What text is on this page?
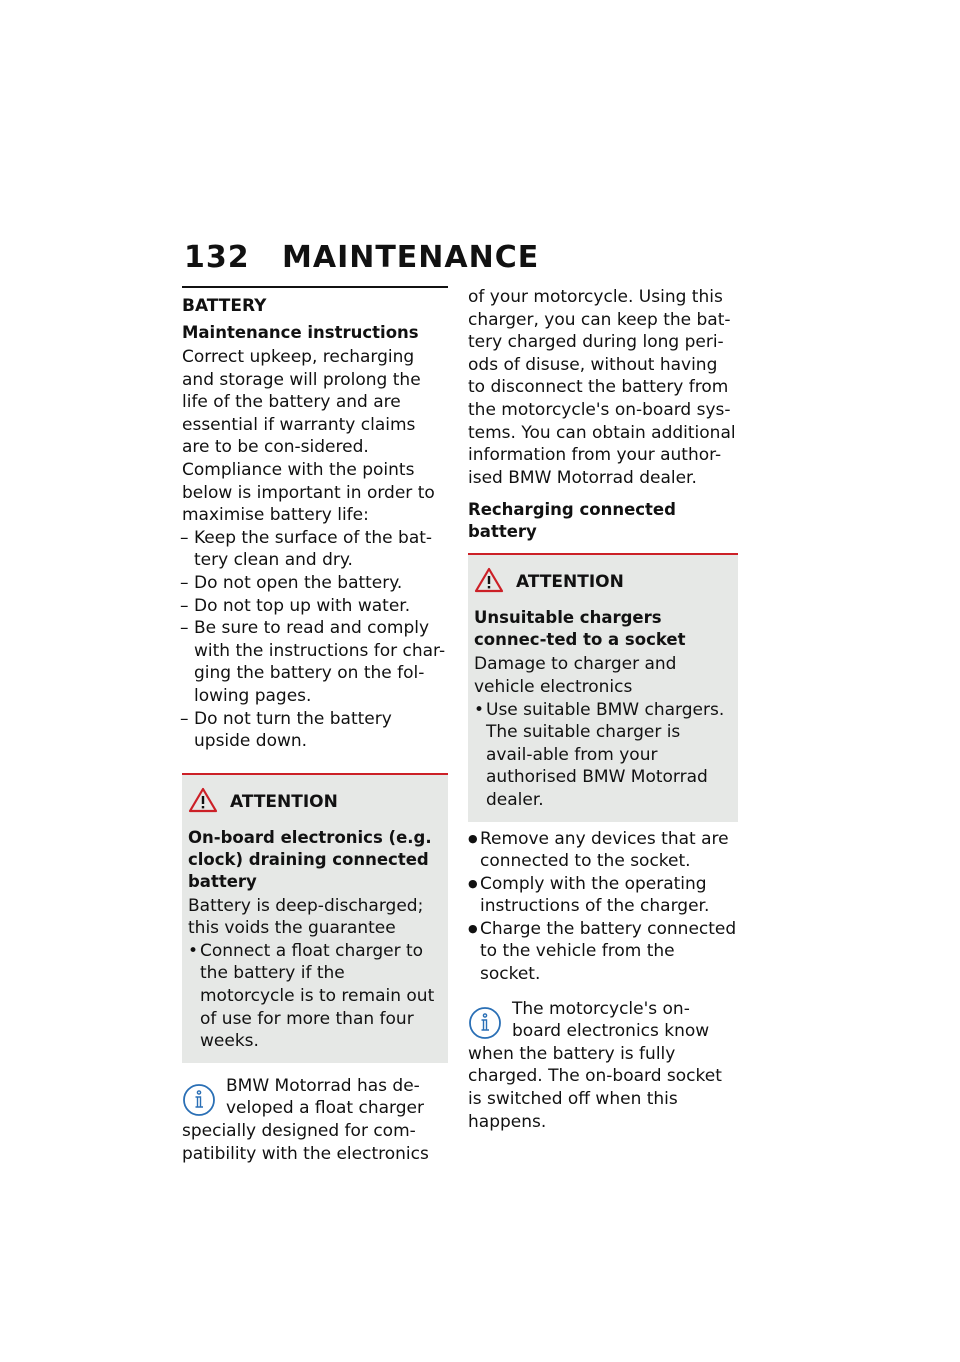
132 MAINTENANCE
BATTERY
Maintenance instructions

Correct upkeep, recharging and storage will prolong the life of the battery and are essential if warranty claims are to be con-sidered.

Compliance with the points below is important in order to maximise battery life:

– Keep the surface of the bat-tery clean and dry.
– Do not open the battery.
– Do not top up with water.
– Be sure to read and comply with the instructions for char-ging the battery on the fol-lowing pages.
– Do not turn the battery upside down.
ATTENTION
On-board electronics (e.g. clock) draining connected battery

Battery is deep-discharged; this voids the guarantee

• Connect a float charger to the battery if the motorcycle is to remain out of use for more than four weeks.

BMW Motorrad has de-veloped a float charger

specially designed for com-patibility with the electronics

of your motorcycle. Using this charger, you can keep the bat-tery charged during long peri-ods of disuse, without having to disconnect the battery from the motorcycle's on-board sys-tems. You can obtain additional information from your author-ised BMW Motorrad dealer.

Recharging connected battery
ATTENTION
Unsuitable chargers connec-ted to a socket

Damage to charger and vehicle electronics

• Use suitable BMW chargers. The suitable charger is avail-able from your authorised BMW Motorrad dealer.
● Remove any devices that are connected to the socket.
● Comply with the operating instructions of the charger.
● Charge the battery connected to the vehicle from the socket.

The motorcycle's on-board electronics know

when the battery is fully charged. The on-board socket is switched off when this happens.
